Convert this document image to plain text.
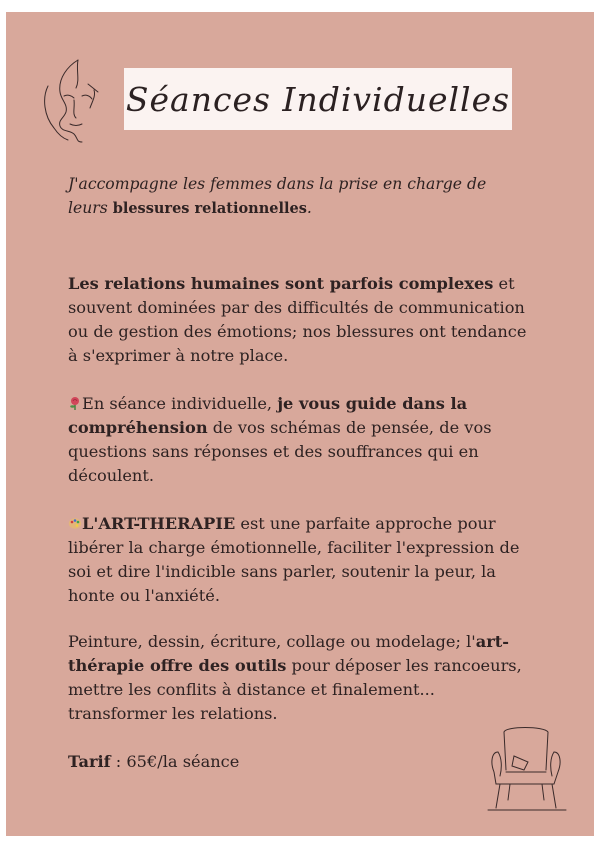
Séances Individuelles
J'accompagne les femmes dans la prise en charge de leurs blessures relationnelles.
Les relations humaines sont parfois complexes et souvent dominées par des difficultés de communication ou de gestion des émotions; nos blessures ont tendance à s'exprimer à notre place.
En séance individuelle, je vous guide dans la compréhension de vos schémas de pensée, de vos questions sans réponses et des souffrances qui en découlent.
L'ART-THERAPIE est une parfaite approche pour libérer la charge émotionnelle, faciliter l'expression de soi et dire l'indicible sans parler, soutenir la peur, la honte ou l'anxiété.
Peinture, dessin, écriture, collage ou modelage; l'art-thérapie offre des outils pour déposer les rancoeurs, mettre les conflits à distance et finalement... transformer les relations.
Tarif : 65€/la séance
